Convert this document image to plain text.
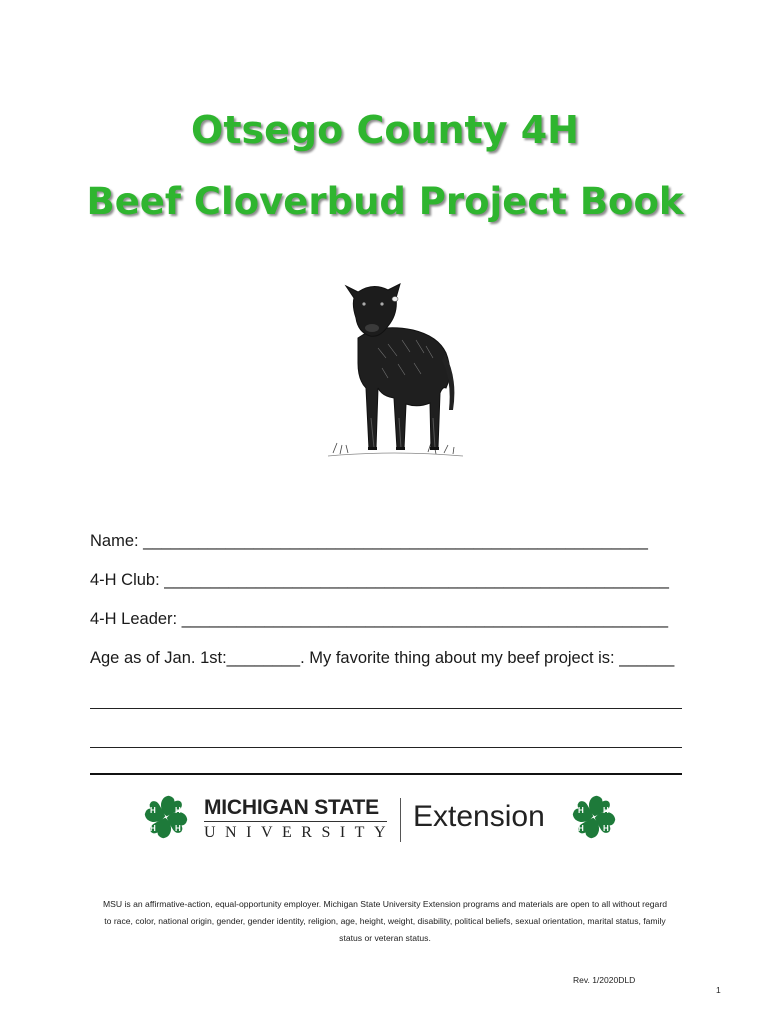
Otsego County 4H
Beef Cloverbud Project Book
Name: _______________________________________________________
4-H Club: _______________________________________________________
4-H Leader: _____________________________________________________
Age as of Jan. 1st:________. My favorite thing about my beef project is: ______
H H
H H
MICHIGAN STATE
UNIVERSITY Extension	H H
H H
MSU is an affirmative-action, equal-opportunity employer. Michigan State University Extension programs and materials are open to all without regard to race, color, national origin, gender, gender identity, religion, age, height, weight, disability, political beliefs, sexual orientation, marital status, family status or veteran status.
Rev. 1/2020DLD
1
